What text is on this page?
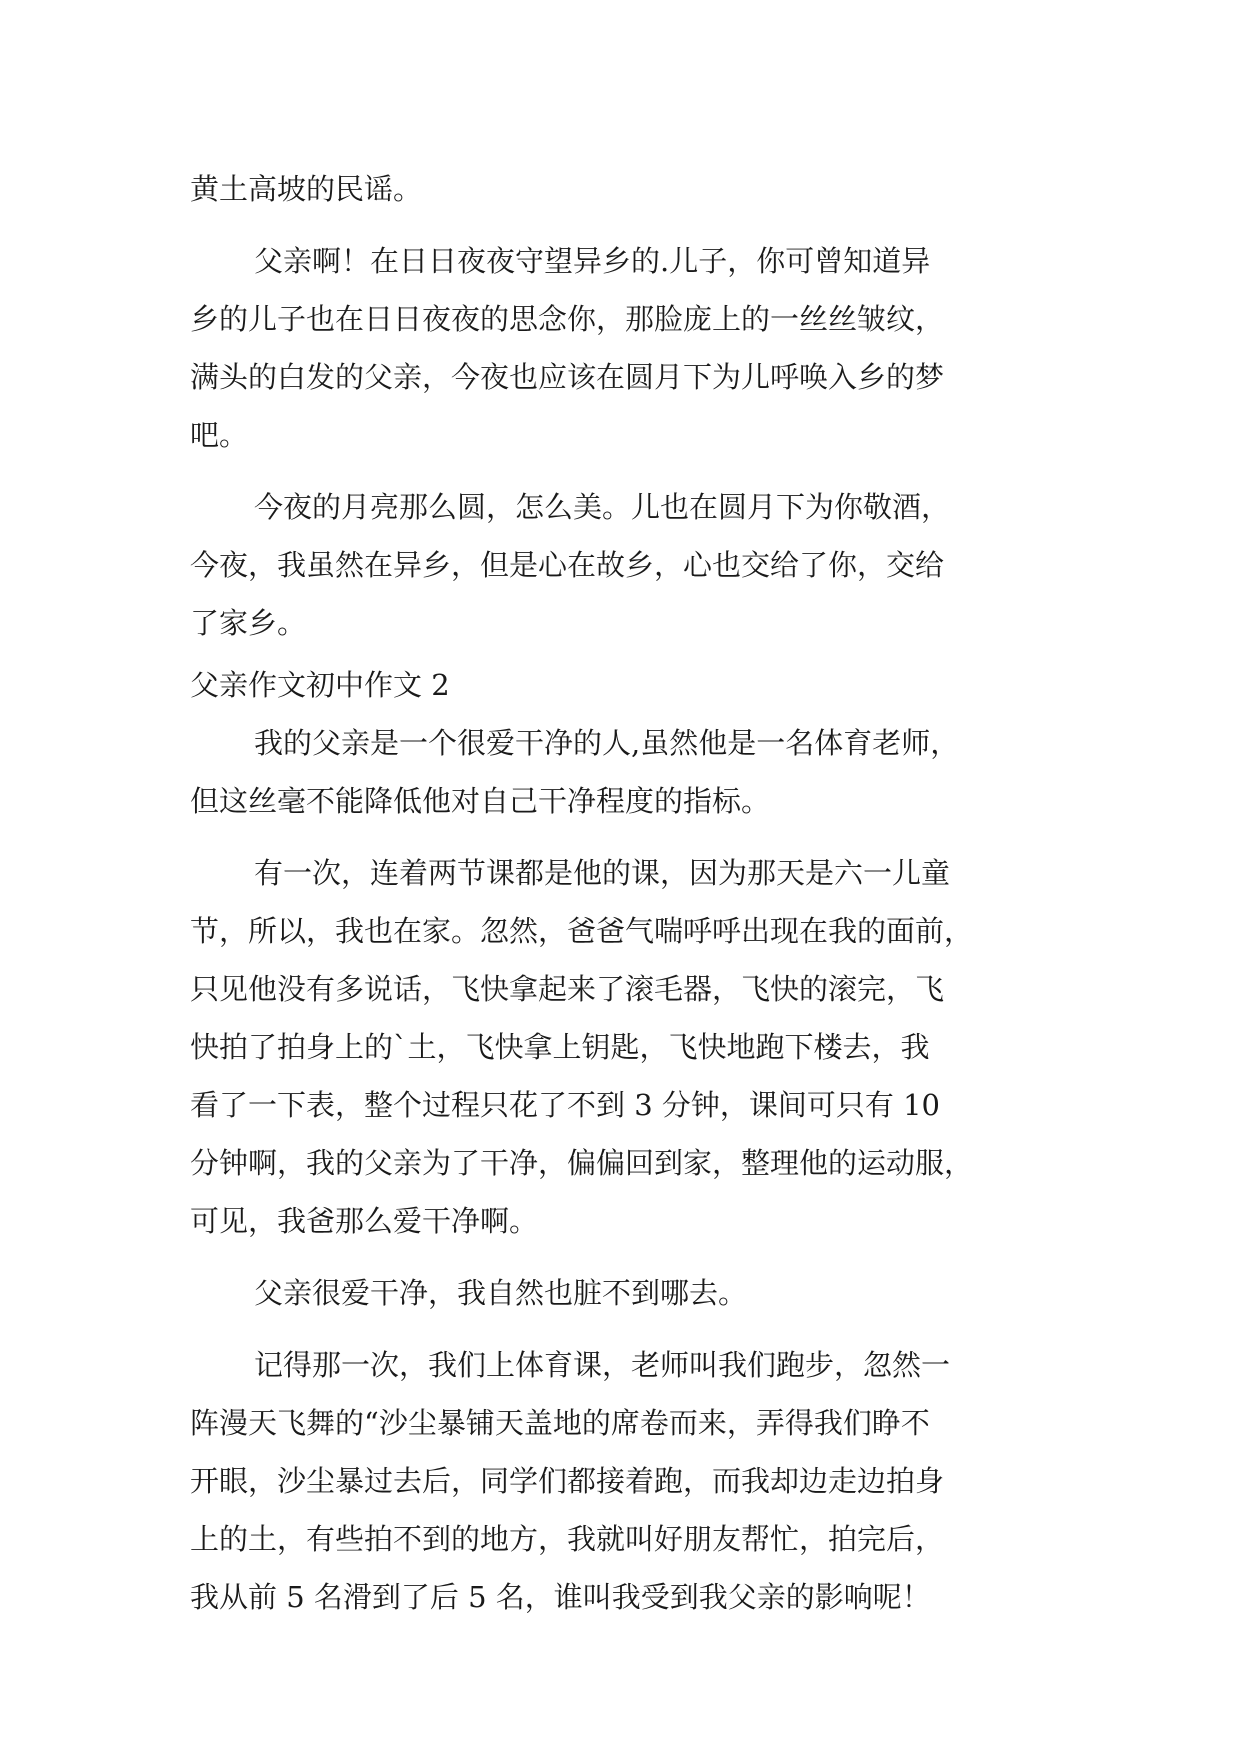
黄土高坡的民谣。
父亲啊！在日日夜夜守望异乡的.儿子，你可曾知道异
乡的儿子也在日日夜夜的思念你，那脸庞上的一丝丝皱纹，
满头的白发的父亲，今夜也应该在圆月下为儿呼唤入乡的梦
吧。
今夜的月亮那么圆，怎么美。儿也在圆月下为你敬酒，
今夜，我虽然在异乡，但是心在故乡，心也交给了你，交给
了家乡。
父亲作文初中作文 2
我的父亲是一个很爱干净的人,虽然他是一名体育老师，
但这丝毫不能降低他对自己干净程度的指标。
有一次，连着两节课都是他的课，因为那天是六一儿童
节，所以，我也在家。忽然，爸爸气喘呼呼出现在我的面前，
只见他没有多说话，飞快拿起来了滚毛器，飞快的滚完，飞
快拍了拍身上的`土，飞快拿上钥匙，飞快地跑下楼去，我
看了一下表，整个过程只花了不到 3 分钟，课间可只有 10
分钟啊，我的父亲为了干净，偏偏回到家，整理他的运动服，
可见，我爸那么爱干净啊。
父亲很爱干净，我自然也脏不到哪去。
记得那一次，我们上体育课，老师叫我们跑步，忽然一
阵漫天飞舞的“沙尘暴铺天盖地的席卷而来，弄得我们睁不
开眼，沙尘暴过去后，同学们都接着跑，而我却边走边拍身
上的土，有些拍不到的地方，我就叫好朋友帮忙，拍完后，
我从前 5 名滑到了后 5 名，谁叫我受到我父亲的影响呢！
